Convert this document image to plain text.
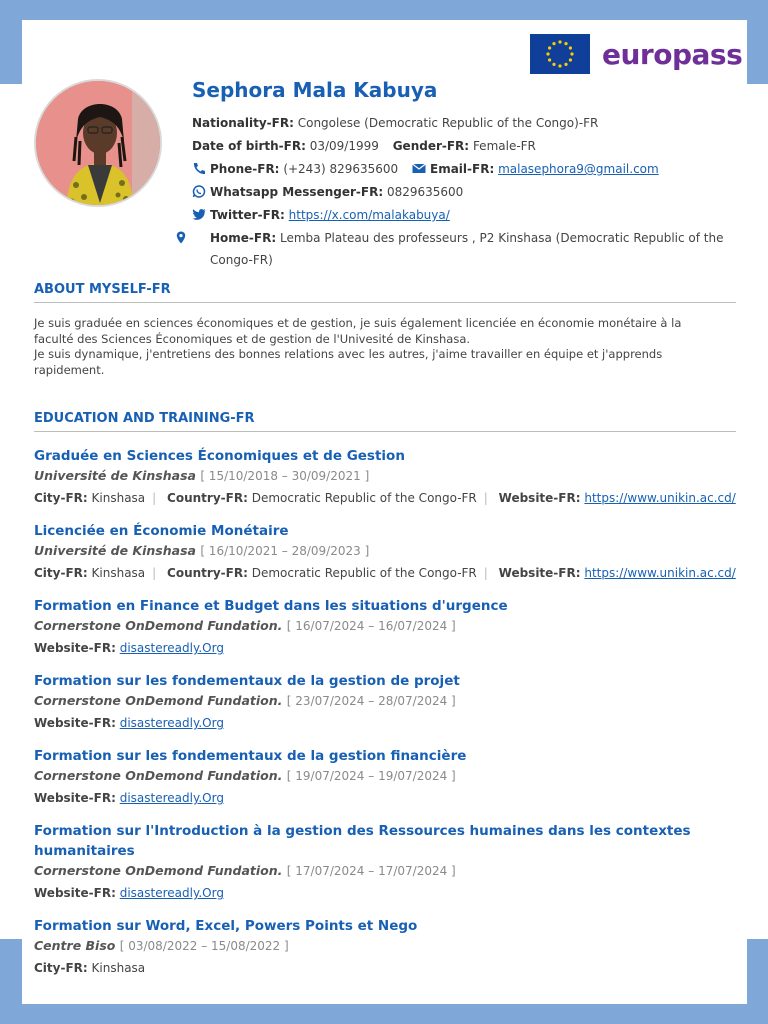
europass
Sephora Mala Kabuya
Nationality-FR: Congolese (Democratic Republic of the Congo)-FR
Date of birth-FR: 03/09/1999 Gender-FR: Female-FR
Phone-FR: (+243) 829635600	Email-FR: malasephora9@gmail.com
Whatsapp Messenger-FR: 0829635600
Twitter-FR: https://x.com/malakabuya/
Home-FR: Lemba Plateau des professeurs , P2 Kinshasa (Democratic Republic of the Congo-FR)
ABOUT MYSELF-FR
Je suis graduée en sciences économiques et de gestion, je suis également licenciée en économie monétaire à la faculté des Sciences Économiques et de gestion de l'Univesité de Kinshasa.
Je suis dynamique, j'entretiens des bonnes relations avec les autres, j'aime travailler en équipe et j'apprends rapidement.
EDUCATION AND TRAINING-FR
Graduée en Sciences Économiques et de Gestion
Université de Kinshasa [ 15/10/2018 – 30/09/2021 ]
City-FR: Kinshasa | Country-FR: Democratic Republic of the Congo-FR | Website-FR: https://www.unikin.ac.cd/
Licenciée en Économie Monétaire
Université de Kinshasa [ 16/10/2021 – 28/09/2023 ]
City-FR: Kinshasa | Country-FR: Democratic Republic of the Congo-FR | Website-FR: https://www.unikin.ac.cd/
Formation en Finance et Budget dans les situations d'urgence
Cornerstone OnDemond Fundation. [ 16/07/2024 – 16/07/2024 ]
Website-FR: disastereadly.Org
Formation sur les fondementaux de la gestion de projet
Cornerstone OnDemond Fundation. [ 23/07/2024 – 28/07/2024 ]
Website-FR: disastereadly.Org
Formation sur les fondementaux de la gestion financière
Cornerstone OnDemond Fundation. [ 19/07/2024 – 19/07/2024 ]
Website-FR: disastereadly.Org
Formation sur l'Introduction à la gestion des Ressources humaines dans les contextes humanitaires
Cornerstone OnDemond Fundation. [ 17/07/2024 – 17/07/2024 ]
Website-FR: disastereadly.Org
Formation sur Word, Excel, Powers Points et Nego
Centre Biso [ 03/08/2022 – 15/08/2022 ]
City-FR: Kinshasa
